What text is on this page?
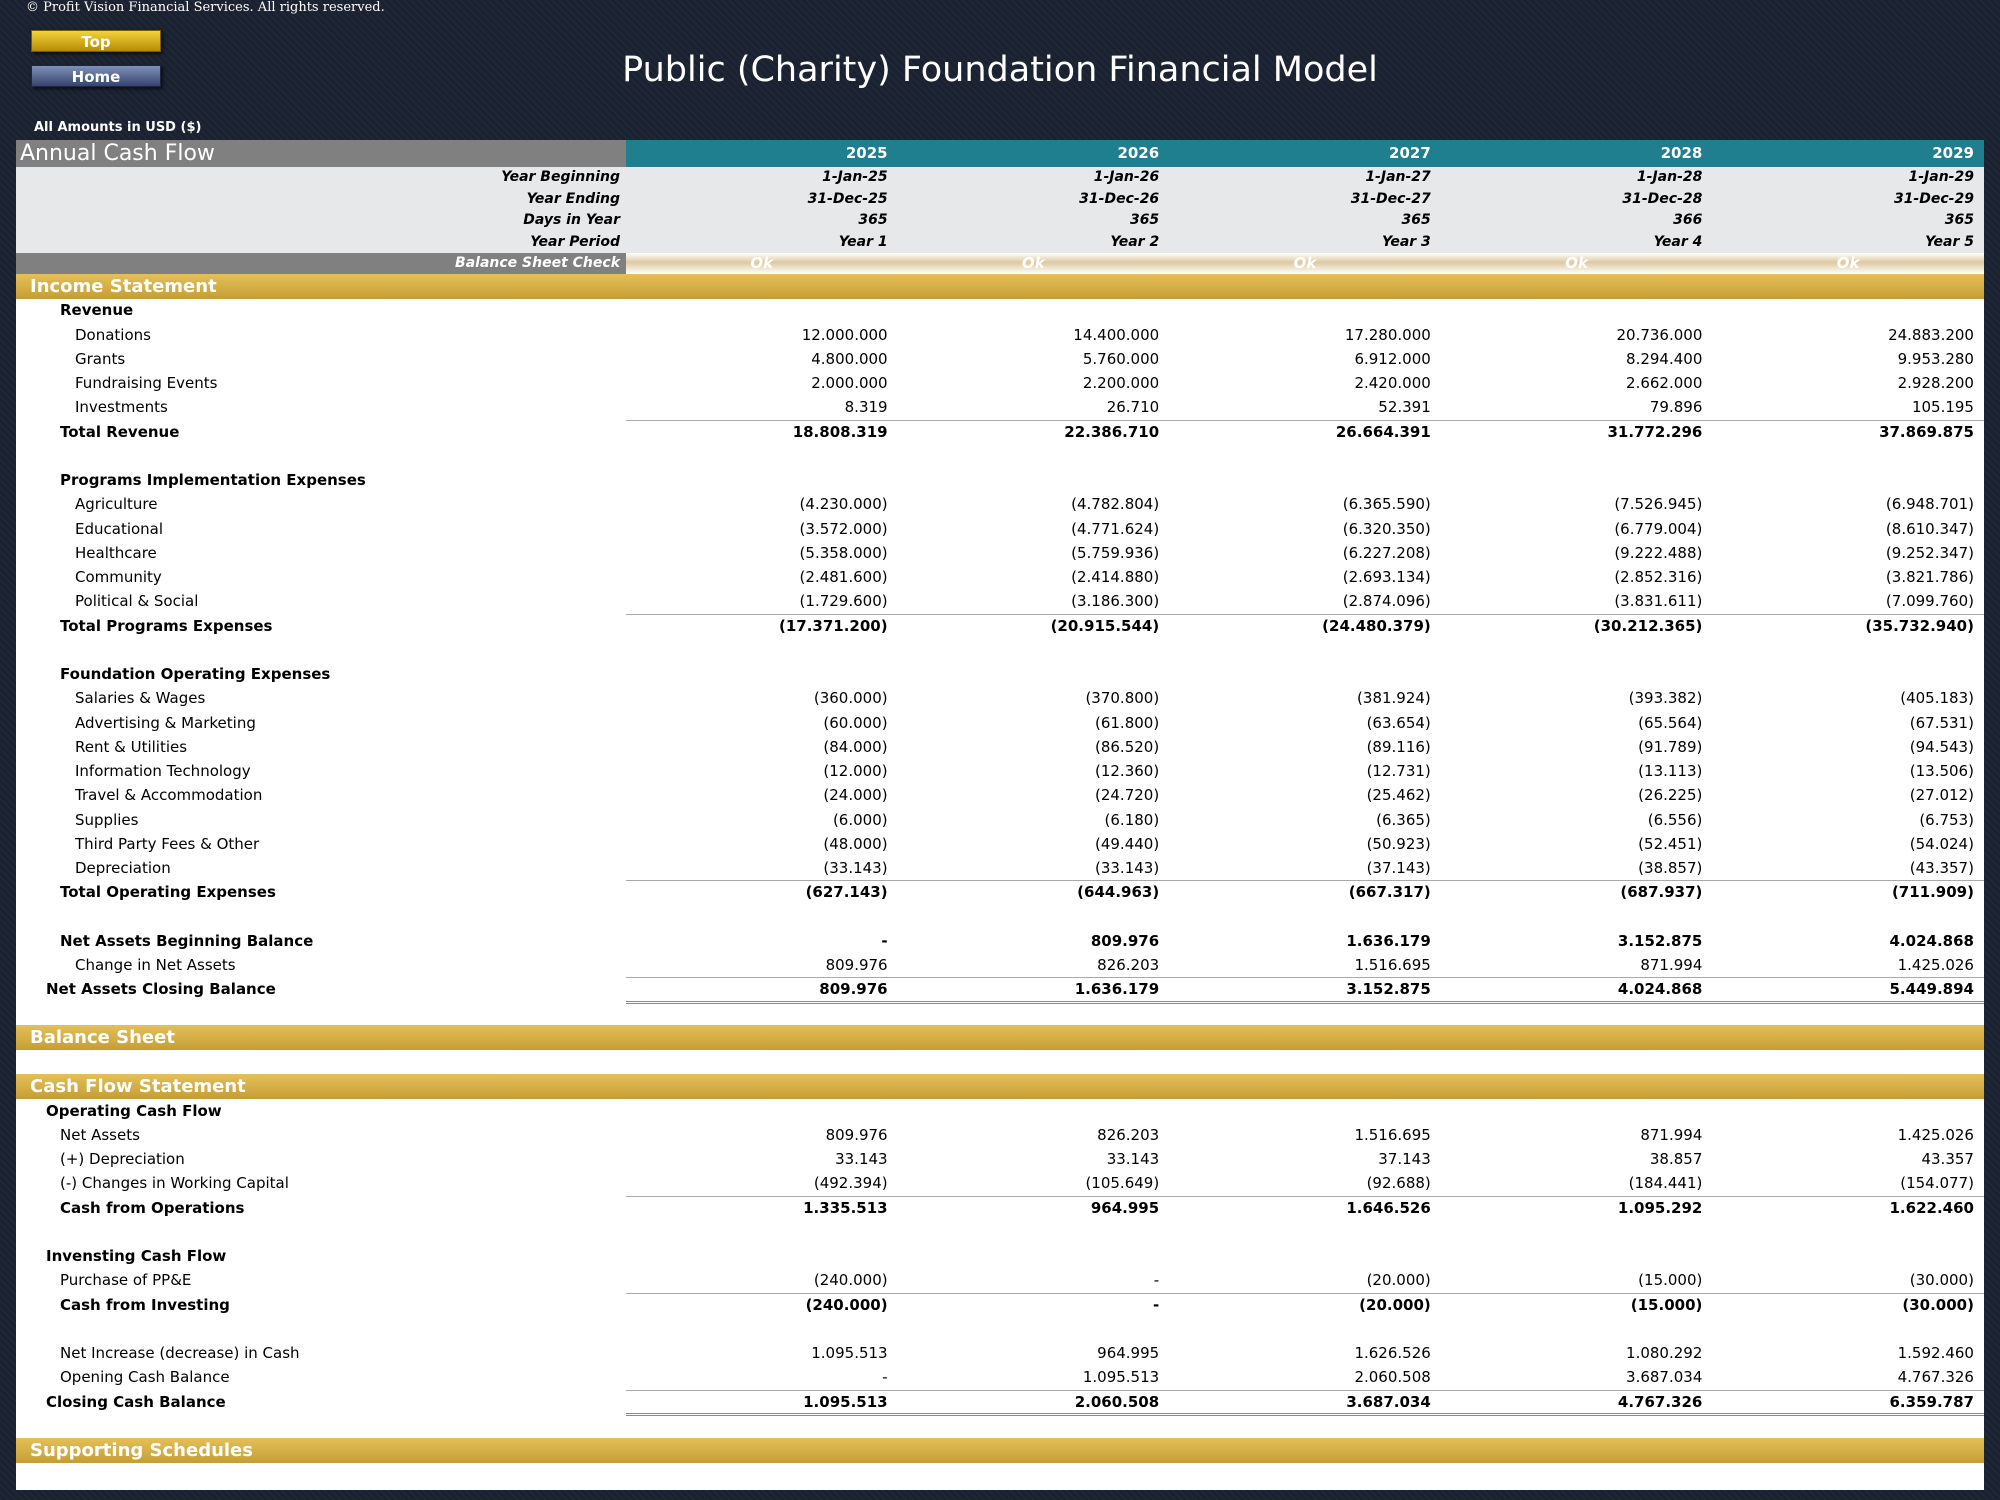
© Profit Vision Financial Services. All rights reserved.
Top
Home	Public (Charity) Foundation Financial Model
All Amounts in USD ($)
Annual Cash Flow	2025	2026	2027	2028	2029
Year Beginning	1-Jan-25	1-Jan-26	1-Jan-27	1-Jan-28	1-Jan-29
Year Ending	31-Dec-25	31-Dec-26	31-Dec-27	31-Dec-28	31-Dec-29
Days in Year	365	365	365	366	365
Year Period	Year 1	Year 2	Year 3	Year 4	Year 5
Balance Sheet Check	Ok	Ok	Ok	Ok	Ok
Income Statement
Revenue
Donations	12.000.000	14.400.000	17.280.000	20.736.000	24.883.200
Grants	4.800.000	5.760.000	6.912.000	8.294.400	9.953.280
Fundraising Events	2.000.000	2.200.000	2.420.000	2.662.000	2.928.200
Investments	8.319	26.710	52.391	79.896	105.195
Total Revenue	18.808.319	22.386.710	26.664.391	31.772.296	37.869.875
Programs Implementation Expenses
Agriculture	(4.230.000)	(4.782.804)	(6.365.590)	(7.526.945)	(6.948.701)
Educational	(3.572.000)	(4.771.624)	(6.320.350)	(6.779.004)	(8.610.347)
Healthcare	(5.358.000)	(5.759.936)	(6.227.208)	(9.222.488)	(9.252.347)
Community	(2.481.600)	(2.414.880)	(2.693.134)	(2.852.316)	(3.821.786)
Political & Social	(1.729.600)	(3.186.300)	(2.874.096)	(3.831.611)	(7.099.760)
Total Programs Expenses	(17.371.200)	(20.915.544)	(24.480.379)	(30.212.365)	(35.732.940)
Foundation Operating Expenses
Salaries & Wages	(360.000)	(370.800)	(381.924)	(393.382)	(405.183)
Advertising & Marketing	(60.000)	(61.800)	(63.654)	(65.564)	(67.531)
Rent & Utilities	(84.000)	(86.520)	(89.116)	(91.789)	(94.543)
Information Technology	(12.000)	(12.360)	(12.731)	(13.113)	(13.506)
Travel & Accommodation	(24.000)	(24.720)	(25.462)	(26.225)	(27.012)
Supplies	(6.000)	(6.180)	(6.365)	(6.556)	(6.753)
Third Party Fees & Other	(48.000)	(49.440)	(50.923)	(52.451)	(54.024)
Depreciation	(33.143)	(33.143)	(37.143)	(38.857)	(43.357)
Total Operating Expenses	(627.143)	(644.963)	(667.317)	(687.937)	(711.909)
Net Assets Beginning Balance	-	809.976	1.636.179	3.152.875	4.024.868
Change in Net Assets	809.976	826.203	1.516.695	871.994	1.425.026
Net Assets Closing Balance	809.976	1.636.179	3.152.875	4.024.868	5.449.894
Balance Sheet
Cash Flow Statement
Operating Cash Flow
Net Assets	809.976	826.203	1.516.695	871.994	1.425.026
(+) Depreciation	33.143	33.143	37.143	38.857	43.357
(-) Changes in Working Capital	(492.394)	(105.649)	(92.688)	(184.441)	(154.077)
Cash from Operations	1.335.513	964.995	1.646.526	1.095.292	1.622.460
Invensting Cash Flow
Purchase of PP&E	(240.000)	-	(20.000)	(15.000)	(30.000)
Cash from Investing	(240.000)	-	(20.000)	(15.000)	(30.000)
Net Increase (decrease) in Cash	1.095.513	964.995	1.626.526	1.080.292	1.592.460
Opening Cash Balance	-	1.095.513	2.060.508	3.687.034	4.767.326
Closing Cash Balance	1.095.513	2.060.508	3.687.034	4.767.326	6.359.787
Supporting Schedules
